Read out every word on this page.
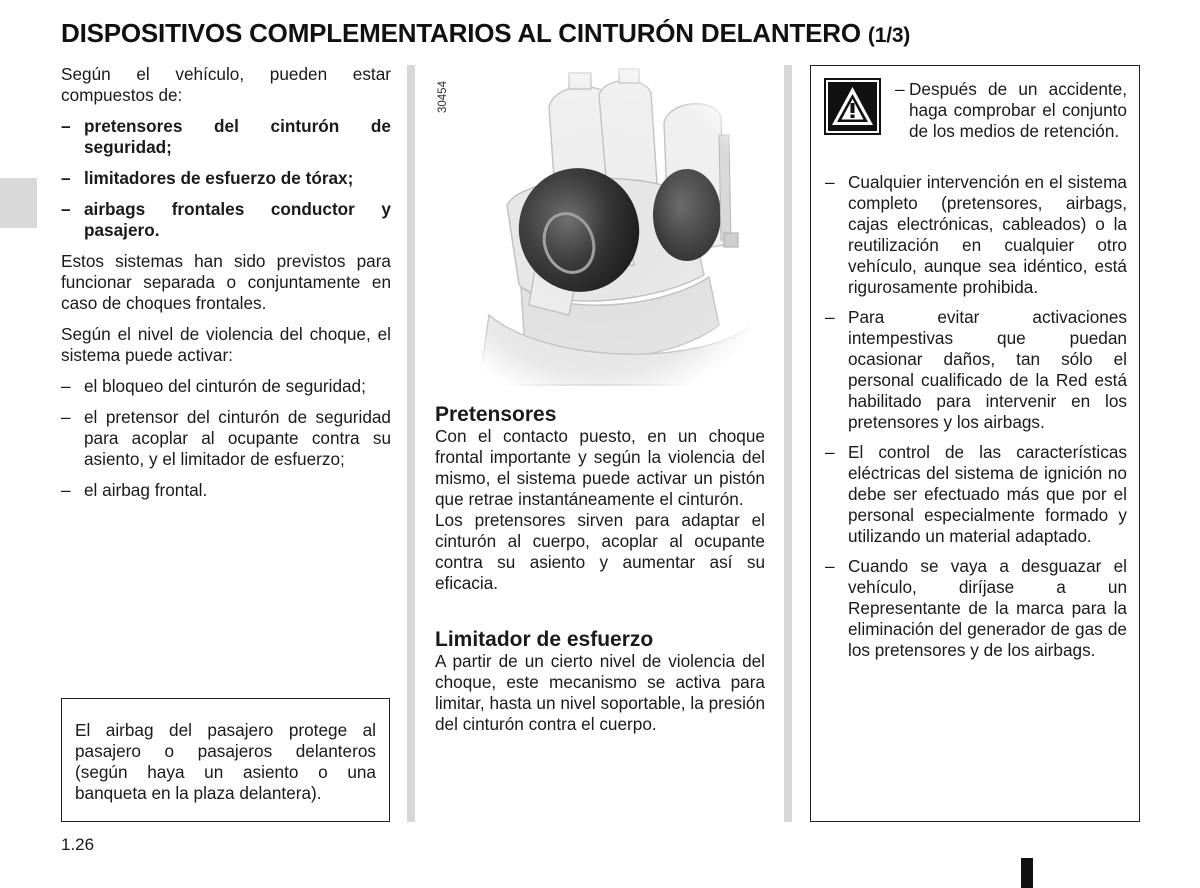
DISPOSITIVOS COMPLEMENTARIOS AL CINTURÓN DELANTERO (1/3)

Según el vehículo, pueden estar compuestos de:

– pretensores del cinturón de seguridad;
– limitadores de esfuerzo de tórax;
– airbags frontales conductor y pasajero.

Estos sistemas han sido previstos para funcionar separada o conjuntamente en caso de choques frontales.

Según el nivel de violencia del choque, el sistema puede activar:

– el bloqueo del cinturón de seguridad;
– el pretensor del cinturón de seguridad para acoplar al ocupante contra su asiento, y el limitador de esfuerzo;
– el airbag frontal.
El airbag del pasajero protege al pasajero o pasajeros delanteros (según haya un asiento o una banqueta en la plaza delantera).
1.26
30454
Pretensores

Con el contacto puesto, en un choque frontal importante y según la violencia del mismo, el sistema puede activar un pistón que retrae instantáneamente el cinturón.

Los pretensores sirven para adaptar el cinturón al cuerpo, acoplar al ocupante contra su asiento y aumentar así su eficacia.

Limitador de esfuerzo

A partir de un cierto nivel de violencia del choque, este mecanismo se activa para limitar, hasta un nivel soportable, la presión del cinturón contra el cuerpo.

– Después de un accidente, haga comprobar el conjunto de los medios de retención.
– Cualquier intervención en el sistema completo (pretensores, airbags, cajas electrónicas, cableados) o la reutilización en cualquier otro vehículo, aunque sea idéntico, está rigurosamente prohibida.
– Para evitar activaciones intempestivas que puedan ocasionar daños, tan sólo el personal cualificado de la Red está habilitado para intervenir en los pretensores y los airbags.
– El control de las características eléctricas del sistema de ignición no debe ser efectuado más que por el personal especialmente formado y utilizando un material adaptado.
– Cuando se vaya a desguazar el vehículo, diríjase a un Representante de la marca para la eliminación del generador de gas de los pretensores y de los airbags.
